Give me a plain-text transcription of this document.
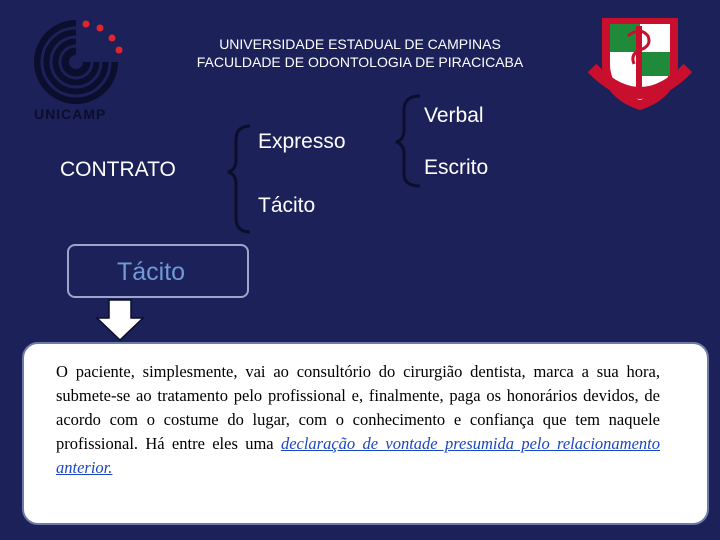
UNIVERSIDADE ESTADUAL DE CAMPINAS
FACULDADE DE ODONTOLOGIA DE PIRACICABA
UNICAMP
CONTRATO
Expresso
Tácito
Verbal
Escrito
Tácito
O paciente, simplesmente, vai ao consultório do cirurgião dentista, marca a sua hora, submete-se ao tratamento pelo profissional e, finalmente, paga os honorários devidos, de acordo com o costume do lugar, com o conhecimento e confiança que tem naquele profissional. Há entre eles uma declaração de vontade presumida pelo relacionamento anterior.
